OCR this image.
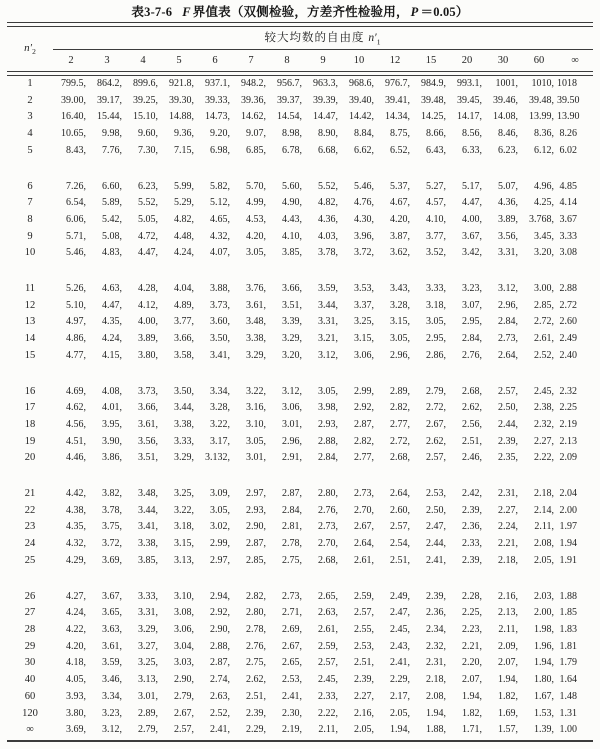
表3-7-6 F 界值表（双侧检验，方差齐性检验用， P ＝0.05）
$n'_2$	较大均数的自由度 $n'_1$
	2	3	4	5	6	7	8	9	10	12	15	20	30	60	∞
1	799.5,	864.2,	899.6,	921.8,	937.1,	948.2,	956.7,	963.3,	968.6,	976.7,	984.9,	993.1,	1001,	1010,	1018
2	39.00,	39.17,	39.25,	39.30,	39.33,	39.36,	39.37,	39.39,	39.40,	39.41,	39.48,	39.45,	39.46,	39.48,	39.50
3	16.40,	15.44,	15.10,	14.88,	14.73,	14.62,	14.54,	14.47,	14.42,	14.34,	14.25,	14.17,	14.08,	13.99,	13.90
4	10.65,	9.98,	9.60,	9.36,	9.20,	9.07,	8.98,	8.90,	8.84,	8.75,	8.66,	8.56,	8.46,	8.36,	8.26
5	8.43,	7.76,	7.30,	7.15,	6.98,	6.85,	6.78,	6.68,	6.62,	6.52,	6.43,	6.33,	6.23,	6.12,	6.02

6	7.26,	6.60,	6.23,	5.99,	5.82,	5.70,	5.60,	5.52,	5.46,	5.37,	5.27,	5.17,	5.07,	4.96,	4.85
7	6.54,	5.89,	5.52,	5.29,	5.12,	4.99,	4.90,	4.82,	4.76,	4.67,	4.57,	4.47,	4.36,	4.25,	4.14
8	6.06,	5.42,	5.05,	4.82,	4.65,	4.53,	4.43,	4.36,	4.30,	4.20,	4.10,	4.00,	3.89,	3.768,	3.67
9	5.71,	5.08,	4.72,	4.48,	4.32,	4.20,	4.10,	4.03,	3.96,	3.87,	3.77,	3.67,	3.56,	3.45,	3.33
10	5.46,	4.83,	4.47,	4.24,	4.07,	3.05,	3.85,	3.78,	3.72,	3.62,	3.52,	3.42,	3.31,	3.20,	3.08

11	5.26,	4.63,	4.28,	4.04,	3.88,	3.76,	3.66,	3.59,	3.53,	3.43,	3.33,	3.23,	3.12,	3.00,	2.88
12	5.10,	4.47,	4.12,	4.89,	3.73,	3.61,	3.51,	3.44,	3.37,	3.28,	3.18,	3.07,	2.96,	2.85,	2.72
13	4.97,	4.35,	4.00,	3.77,	3.60,	3.48,	3.39,	3.31,	3.25,	3.15,	3.05,	2.95,	2.84,	2.72,	2.60
14	4.86,	4.24,	3.89,	3.66,	3.50,	3.38,	3.29,	3.21,	3.15,	3.05,	2.95,	2.84,	2.73,	2.61,	2.49
15	4.77,	4.15,	3.80,	3.58,	3.41,	3.29,	3.20,	3.12,	3.06,	2.96,	2.86,	2.76,	2.64,	2.52,	2.40

16	4.69,	4.08,	3.73,	3.50,	3.34,	3.22,	3.12,	3.05,	2.99,	2.89,	2.79,	2.68,	2.57,	2.45,	2.32
17	4.62,	4.01,	3.66,	3.44,	3.28,	3.16,	3.06,	3.98,	2.92,	2.82,	2.72,	2.62,	2.50,	2.38,	2.25
18	4.56,	3.95,	3.61,	3.38,	3.22,	3.10,	3.01,	2.93,	2.87,	2.77,	2.67,	2.56,	2.44,	2.32,	2.19
19	4.51,	3.90,	3.56,	3.33,	3.17,	3.05,	2.96,	2.88,	2.82,	2.72,	2.62,	2.51,	2.39,	2.27,	2.13
20	4.46,	3.86,	3.51,	3.29,	3.132,	3.01,	2.91,	2.84,	2.77,	2.68,	2.57,	2.46,	2.35,	2.22,	2.09

21	4.42,	3.82,	3.48,	3.25,	3.09,	2.97,	2.87,	2.80,	2.73,	2.64,	2.53,	2.42,	2.31,	2.18,	2.04
22	4.38,	3.78,	3.44,	3.22,	3.05,	2.93,	2.84,	2.76,	2.70,	2.60,	2.50,	2.39,	2.27,	2.14,	2.00
23	4.35,	3.75,	3.41,	3.18,	3.02,	2.90,	2.81,	2.73,	2.67,	2.57,	2.47,	2.36,	2.24,	2.11,	1.97
24	4.32,	3.72,	3.38,	3.15,	2.99,	2.87,	2.78,	2.70,	2.64,	2.54,	2.44,	2.33,	2.21,	2.08,	1.94
25	4.29,	3.69,	3.85,	3.13,	2.97,	2.85,	2.75,	2.68,	2.61,	2.51,	2.41,	2.39,	2.18,	2.05,	1.91

26	4.27,	3.67,	3.33,	3.10,	2.94,	2.82,	2.73,	2.65,	2.59,	2.49,	2.39,	2.28,	2.16,	2.03,	1.88
27	4.24,	3.65,	3.31,	3.08,	2.92,	2.80,	2.71,	2.63,	2.57,	2.47,	2.36,	2.25,	2.13,	2.00,	1.85
28	4.22,	3.63,	3.29,	3.06,	2.90,	2.78,	2.69,	2.61,	2.55,	2.45,	2.34,	2.23,	2.11,	1.98,	1.83
29	4.20,	3.61,	3.27,	3.04,	2.88,	2.76,	2.67,	2.59,	2.53,	2.43,	2.32,	2.21,	2.09,	1.96,	1.81
30	4.18,	3.59,	3.25,	3.03,	2.87,	2.75,	2.65,	2.57,	2.51,	2.41,	2.31,	2.20,	2.07,	1.94,	1.79
40	4.05,	3.46,	3.13,	2.90,	2.74,	2.62,	2.53,	2.45,	2.39,	2.29,	2.18,	2.07,	1.94,	1.80,	1.64
60	3.93,	3.34,	3.01,	2.79,	2.63,	2.51,	2.41,	2.33,	2.27,	2.17,	2.08,	1.94,	1.82,	1.67,	1.48
120	3.80,	3.23,	2.89,	2.67,	2.52,	2.39,	2.30,	2.22,	2.16,	2.05,	1.94,	1.82,	1.69,	1.53,	1.31
∞	3.69,	3.12,	2.79,	2.57,	2.41,	2.29,	2.19,	2.11,	2.05,	1.94,	1.88,	1.71,	1.57,	1.39,	1.00
